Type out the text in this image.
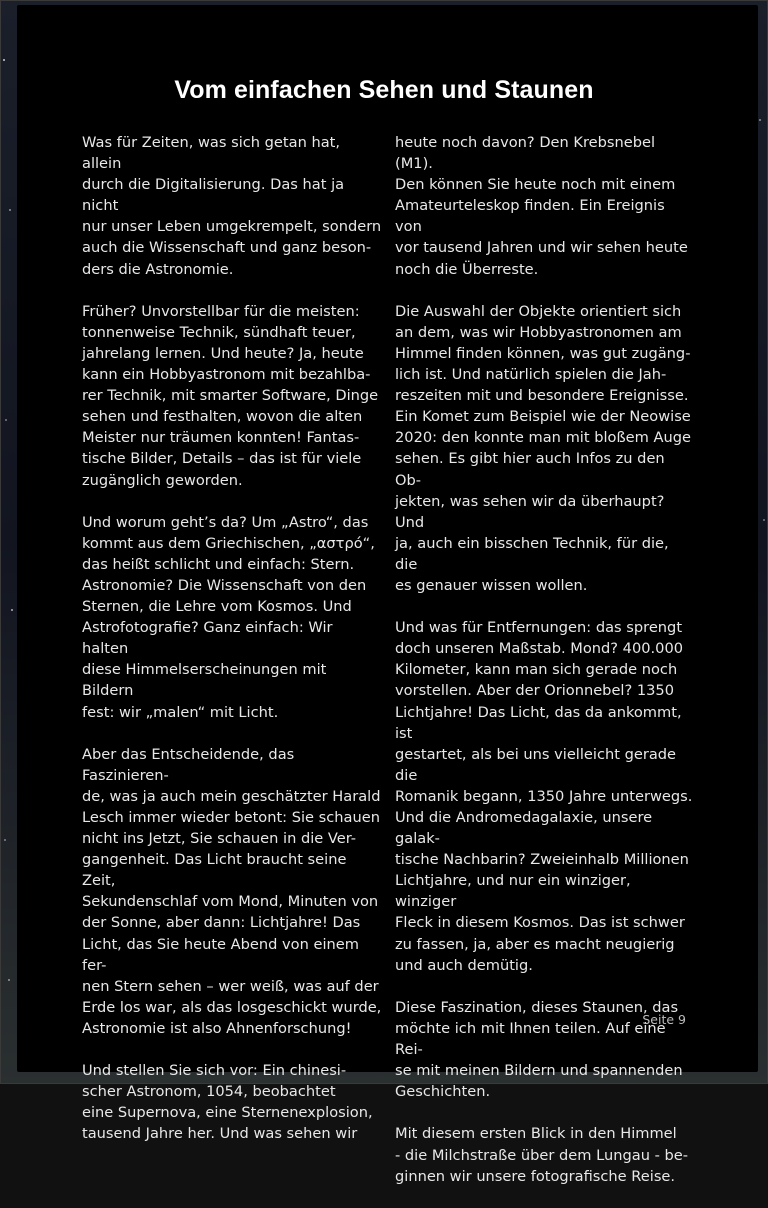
Vom einfachen Sehen und Staunen

Was für Zeiten, was sich getan hat, allein
durch die Digitalisierung. Das hat ja nicht
nur unser Leben umgekrempelt, sondern
auch die Wissenschaft und ganz beson-
ders die Astronomie.

Früher? Unvorstellbar für die meisten:
tonnenweise Technik, sündhaft teuer,
jahrelang lernen. Und heute? Ja, heute
kann ein Hobbyastronom mit bezahlba-
rer Technik, mit smarter Software, Dinge
sehen und festhalten, wovon die alten
Meister nur träumen konnten! Fantas-
tische Bilder, Details – das ist für viele
zugänglich geworden.

Und worum geht’s da? Um „Astro“, das
kommt aus dem Griechischen, „αστρό“,
das heißt schlicht und einfach: Stern.
Astronomie? Die Wissenschaft von den
Sternen, die Lehre vom Kosmos. Und
Astrofotografie? Ganz einfach: Wir halten
diese Himmelserscheinungen mit Bildern
fest: wir „malen“ mit Licht.

Aber das Entscheidende, das Faszinieren-
de, was ja auch mein geschätzter Harald
Lesch immer wieder betont: Sie schauen
nicht ins Jetzt, Sie schauen in die Ver-
gangenheit. Das Licht braucht seine Zeit,
Sekundenschlaf vom Mond, Minuten von
der Sonne, aber dann: Lichtjahre! Das
Licht, das Sie heute Abend von einem fer-
nen Stern sehen – wer weiß, was auf der
Erde los war, als das losgeschickt wurde,
Astronomie ist also Ahnenforschung!

Und stellen Sie sich vor: Ein chinesi-
scher Astronom, 1054, beobachtet
eine Supernova, eine Sternenexplosion,
tausend Jahre her. Und was sehen wir

heute noch davon? Den Krebsnebel (M1).
Den können Sie heute noch mit einem
Amateurteleskop finden. Ein Ereignis von
vor tausend Jahren und wir sehen heute
noch die Überreste.

Die Auswahl der Objekte orientiert sich
an dem, was wir Hobbyastronomen am
Himmel finden können, was gut zugäng-
lich ist. Und natürlich spielen die Jah-
reszeiten mit und besondere Ereignisse.
Ein Komet zum Beispiel wie der Neowise
2020: den konnte man mit bloßem Auge
sehen. Es gibt hier auch Infos zu den Ob-
jekten, was sehen wir da überhaupt? Und
ja, auch ein bisschen Technik, für die, die
es genauer wissen wollen.

Und was für Entfernungen: das sprengt
doch unseren Maßstab. Mond? 400.000
Kilometer, kann man sich gerade noch
vorstellen. Aber der Orionnebel? 1350
Lichtjahre! Das Licht, das da ankommt, ist
gestartet, als bei uns vielleicht gerade die
Romanik begann, 1350 Jahre unterwegs.
Und die Andromedagalaxie, unsere galak-
tische Nachbarin? Zweieinhalb Millionen
Lichtjahre, und nur ein winziger, winziger
Fleck in diesem Kosmos. Das ist schwer
zu fassen, ja, aber es macht neugierig
und auch demütig.

Diese Faszination, dieses Staunen, das
möchte ich mit Ihnen teilen. Auf eine Rei-
se mit meinen Bildern und spannenden
Geschichten.

Mit diesem ersten Blick in den Himmel
- die Milchstraße über dem Lungau - be-
ginnen wir unsere fotografische Reise.

Seite 9
